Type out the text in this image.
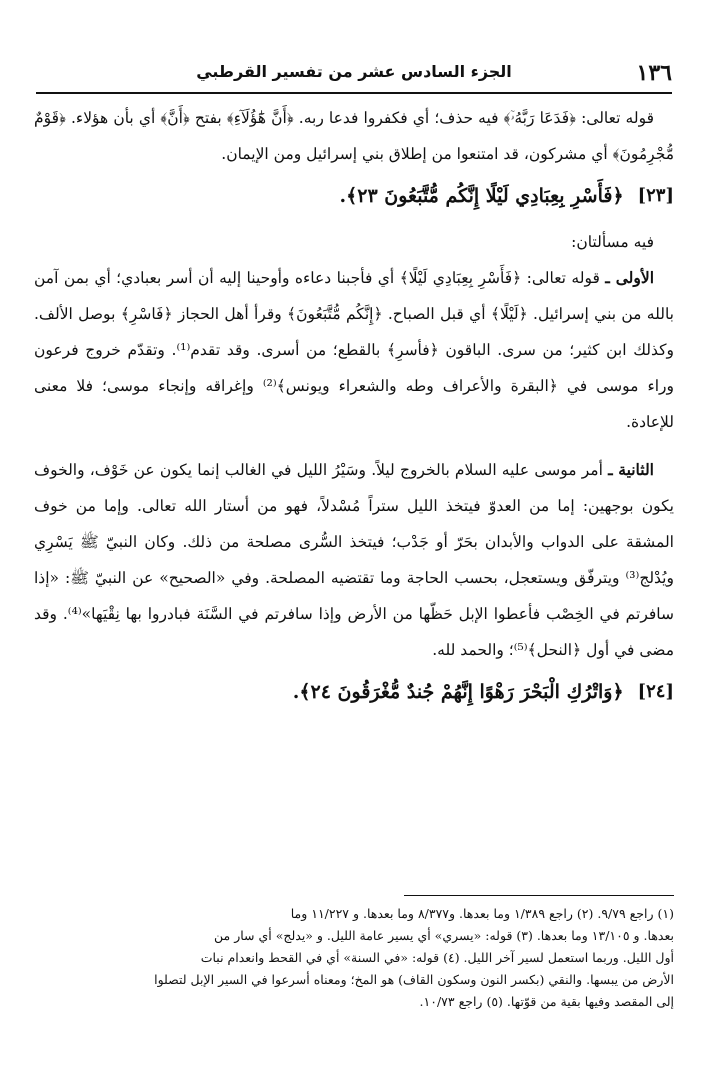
١٣٦
الجزء السادس عشر من تفسير القرطبي

قوله تعالى: ﴿فَدَعَا رَبَّهُۥٓ﴾ فيه حذف؛ أي فكفروا فدعا ربه. ﴿أَنَّ هَٰٓؤُلَآءِ﴾ بفتح ﴿أَنَّ﴾ أي بأن هؤلاء. ﴿قَوْمٌ مُّجْرِمُونَ﴾ أي مشركون، قد امتنعوا من إطلاق بني إسرائيل ومن الإيمان.

[٢٣]
﴿فَأَسْرِ بِعِبَادِي لَيْلًا إِنَّكُم مُّتَّبَعُونَ ٢٣﴾.

فيه مسألتان:

الأولى ـ قوله تعالى: ﴿فَأَسْرِ بِعِبَادِي لَيْلًا﴾ أي فأجبنا دعاءه وأوحينا إليه أن أسر بعبادي؛ أي بمن آمن بالله من بني إسرائيل. ﴿لَيْلًا﴾ أي قبل الصباح. ﴿إِنَّكُم مُّتَّبَعُونَ﴾ وقرأ أهل الحجاز ﴿فَاسْرِ﴾ بوصل الألف. وكذلك ابن كثير؛ من سرى. الباقون ﴿فأسرِ﴾ بالقطع؛ من أسرى. وقد تقدم⁽¹⁾. وتقدّم خروج فرعون وراء موسى في ﴿البقرة والأعراف وطه والشعراء ويونس﴾⁽²⁾ وإغراقه وإنجاء موسى؛ فلا معنى للإعادة.

الثانية ـ أمر موسى عليه السلام بالخروج ليلاً. وسَيْرُ الليل في الغالب إنما يكون عن خَوْف، والخوف يكون بوجهين: إما من العدوّ فيتخذ الليل ستراً مُسْدلاً، فهو من أستار الله تعالى. وإما من خوف المشقة على الدواب والأبدان بحَرّ أو جَدْب؛ فيتخذ السُّرى مصلحة من ذلك. وكان النبيّ ﷺ يَسْرِي ويُدْلج⁽³⁾ ويترفّق ويستعجل، بحسب الحاجة وما تقتضيه المصلحة. وفي «الصحيح» عن النبيّ ﷺ: «إذا سافرتم في الخِصْب فأعطوا الإبل حَظّها من الأرض وإذا سافرتم في السَّنَة فبادروا بها نِقْيَها»⁽⁴⁾. وقد مضى في أول ﴿النحل﴾⁽⁵⁾؛ والحمد لله.

[٢٤]
﴿وَاتْرُكِ الْبَحْرَ رَهْوًا إِنَّهُمْ جُندٌ مُّغْرَقُونَ ٢٤﴾.

(١) راجع ٩/٧٩. (٢) راجع ١/٣٨٩ وما بعدها. و٨/٣٧٧ وما بعدها. و ١١/٢٢٧ وما

بعدها. و ١٣/١٠٥ وما بعدها. (٣) قوله: «يسري» أي يسير عامة الليل. و «يدلج» أي سار من

أول الليل. وربما استعمل لسير آخر الليل. (٤) قوله: «في السنة» أي في القحط وانعدام نبات

الأرض من يبسها. والنقي (بكسر النون وسكون القاف) هو المخ؛ ومعناه أسرعوا في السير الإبل لتصلوا

إلى المقصد وفيها بقية من قوّتها. (٥) راجع ١٠/٧٣.
